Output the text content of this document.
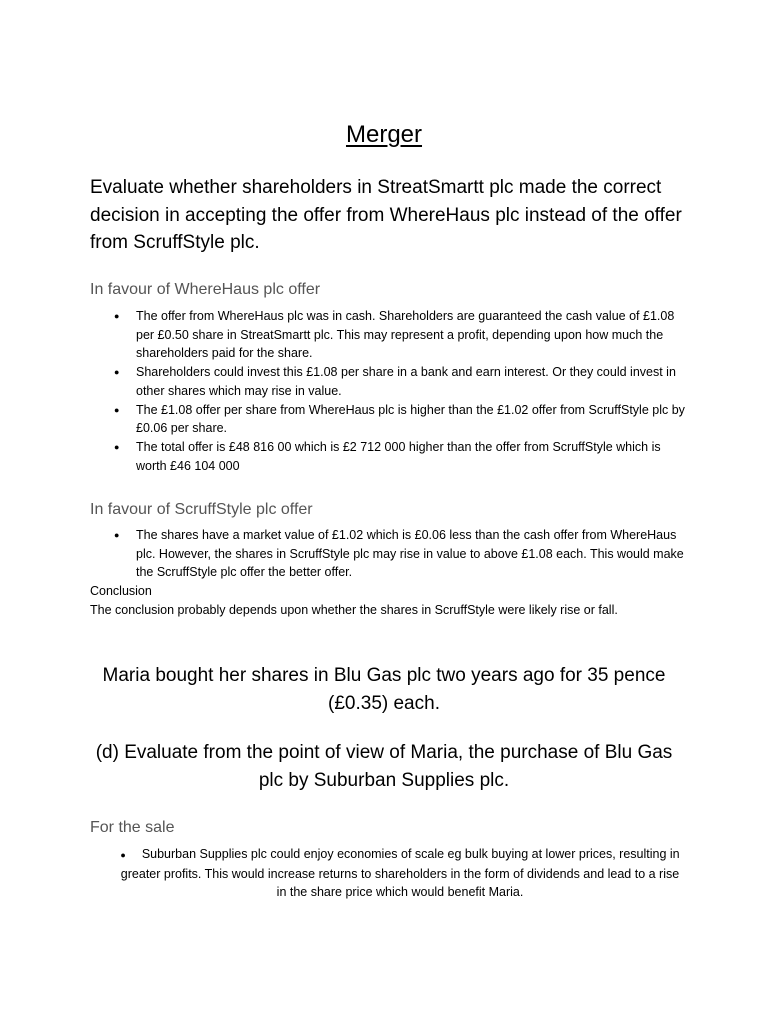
Merger
Evaluate whether shareholders in StreatSmartt plc made the correct decision in accepting the offer from WhereHaus plc instead of the offer from ScruffStyle plc.
In favour of WhereHaus plc offer
● The offer from WhereHaus plc was in cash. Shareholders are guaranteed the cash value of £1.08 per £0.50 share in StreatSmartt plc. This may represent a profit, depending upon how much the shareholders paid for the share.
● Shareholders could invest this £1.08 per share in a bank and earn interest. Or they could invest in other shares which may rise in value.
● The £1.08 offer per share from WhereHaus plc is higher than the £1.02 offer from ScruffStyle plc by £0.06 per share.
● The total offer is £48 816 00 which is £2 712 000 higher than the offer from ScruffStyle which is worth £46 104 000
In favour of ScruffStyle plc offer
● The shares have a market value of £1.02 which is £0.06 less than the cash offer from WhereHaus plc. However, the shares in ScruffStyle plc may rise in value to above £1.08 each. This would make the ScruffStyle plc offer the better offer.
Conclusion
The conclusion probably depends upon whether the shares in ScruffStyle were likely rise or fall.
Maria bought her shares in Blu Gas plc two years ago for 35 pence (£0.35) each.
(d) Evaluate from the point of view of Maria, the purchase of Blu Gas plc by Suburban Supplies plc.
For the sale
● Suburban Supplies plc could enjoy economies of scale eg bulk buying at lower prices, resulting in greater profits. This would increase returns to shareholders in the form of dividends and lead to a rise in the share price which would benefit Maria.
